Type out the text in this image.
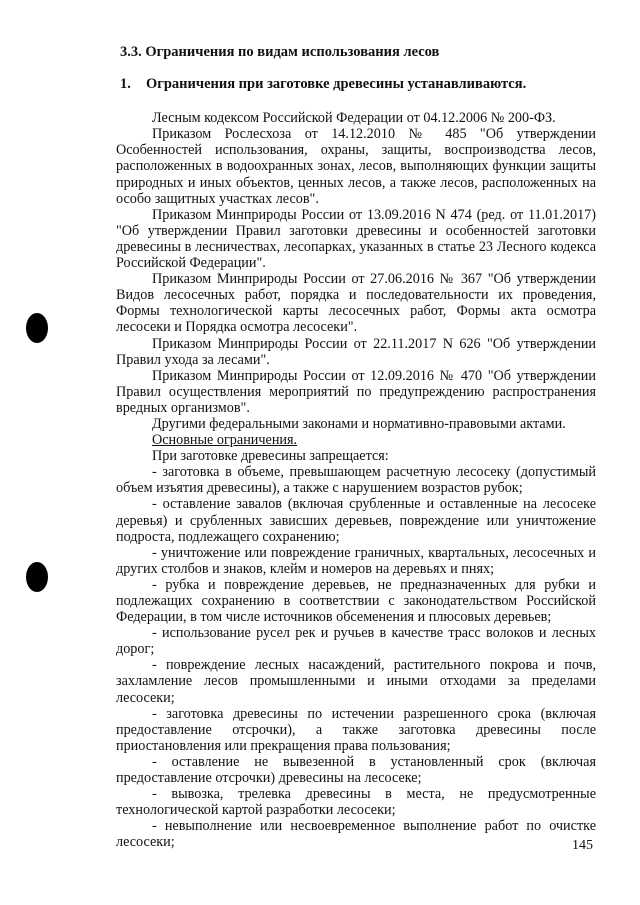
3.3. Ограничения по видам использования лесов
1. Ограничения при заготовке древесины устанавливаются.

Лесным кодексом Российской Федерации от 04.12.2006 № 200-ФЗ.

Приказом Рослесхоза от 14.12.2010 № 485 "Об утверждении Особенностей использования, охраны, защиты, воспроизводства лесов, расположенных в водоохранных зонах, лесов, выполняющих функции защиты природных и иных объектов, ценных лесов, а также лесов, расположенных на особо защитных участках лесов".

Приказом Минприроды России от 13.09.2016 N 474 (ред. от 11.01.2017) "Об утверждении Правил заготовки древесины и особенностей заготовки древесины в лесничествах, лесопарках, указанных в статье 23 Лесного кодекса Российской Федерации".

Приказом Минприроды России от 27.06.2016 № 367 "Об утверждении Видов лесосечных работ, порядка и последовательности их проведения, Формы технологической карты лесосечных работ, Формы акта осмотра лесосеки и Порядка осмотра лесосеки".

Приказом Минприроды России от 22.11.2017 N 626 "Об утверждении Правил ухода за лесами".

Приказом Минприроды России от 12.09.2016 № 470 "Об утверждении Правил осуществления мероприятий по предупреждению распространения вредных организмов".

Другими федеральными законами и нормативно-правовыми актами.

Основные ограничения.

При заготовке древесины запрещается:

- заготовка в объеме, превышающем расчетную лесосеку (допустимый объем изъятия древесины), а также с нарушением возрастов рубок;

- оставление завалов (включая срубленные и оставленные на лесосеке деревья) и срубленных зависших деревьев, повреждение или уничтожение подроста, подлежащего сохранению;

- уничтожение или повреждение граничных, квартальных, лесосечных и других столбов и знаков, клейм и номеров на деревьях и пнях;

- рубка и повреждение деревьев, не предназначенных для рубки и подлежащих сохранению в соответствии с законодательством Российской Федерации, в том числе источников обсеменения и плюсовых деревьев;

- использование русел рек и ручьев в качестве трасс волоков и лесных дорог;

- повреждение лесных насаждений, растительного покрова и почв, захламление лесов промышленными и иными отходами за пределами лесосеки;

- заготовка древесины по истечении разрешенного срока (включая предоставление отсрочки), а также заготовка древесины после приостановления или прекращения права пользования;

- оставление не вывезенной в установленный срок (включая предоставление отсрочки) древесины на лесосеке;

- вывозка, трелевка древесины в места, не предусмотренные технологической картой разработки лесосеки;

- невыполнение или несвоевременное выполнение работ по очистке лесосеки;	145
